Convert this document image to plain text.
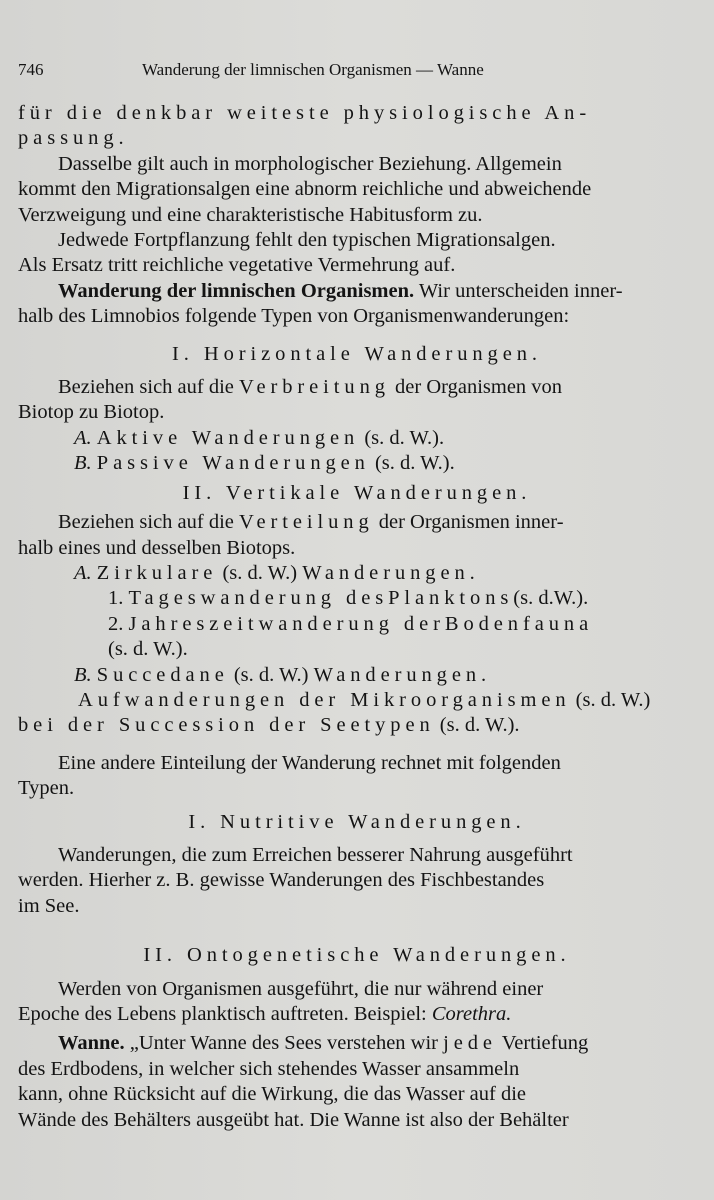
746	Wanderung der limnischen Organismen — Wanne

für die denkbar weiteste physiologische An-
passung.

Dasselbe gilt auch in morphologischer Beziehung. Allgemein
kommt den Migrationsalgen eine abnorm reichliche und abweichende
Verzweigung und eine charakteristische Habitusform zu.

Jedwede Fortpflanzung fehlt den typischen Migrationsalgen.
Als Ersatz tritt reichliche vegetative Vermehrung auf.

Wanderung der limnischen Organismen. Wir unterscheiden inner-
halb des Limnobios folgende Typen von Organismenwanderungen:

I. Horizontale Wanderungen.

Beziehen sich auf die Verbreitung der Organismen von
Biotop zu Biotop.

A. Aktive Wanderungen (s. d. W.).

B. Passive Wanderungen (s. d. W.).

II. Vertikale Wanderungen.

Beziehen sich auf die Verteilung der Organismen inner-
halb eines und desselben Biotops.

A. Zirkulare (s. d. W.) Wanderungen.

1. Tageswanderung desPlanktons(s. d.W.).

2. Jahreszeitwanderung derBodenfauna
(s. d. W.).

B. Succedane (s. d. W.) Wanderungen.

Aufwanderungen der Mikroorganismen (s. d. W.)
bei der Succession der Seetypen (s. d. W.).

Eine andere Einteilung der Wanderung rechnet mit folgenden
Typen.

I. Nutritive Wanderungen.

Wanderungen, die zum Erreichen besserer Nahrung ausgeführt
werden. Hierher z. B. gewisse Wanderungen des Fischbestandes
im See.

II. Ontogenetische Wanderungen.

Werden von Organismen ausgeführt, die nur während einer
Epoche des Lebens planktisch auftreten. Beispiel: Corethra.

Wanne. „Unter Wanne des Sees verstehen wir jede Vertiefung
des Erdbodens, in welcher sich stehendes Wasser ansammeln
kann, ohne Rücksicht auf die Wirkung, die das Wasser auf die
Wände des Behälters ausgeübt hat. Die Wanne ist also der Behälter
